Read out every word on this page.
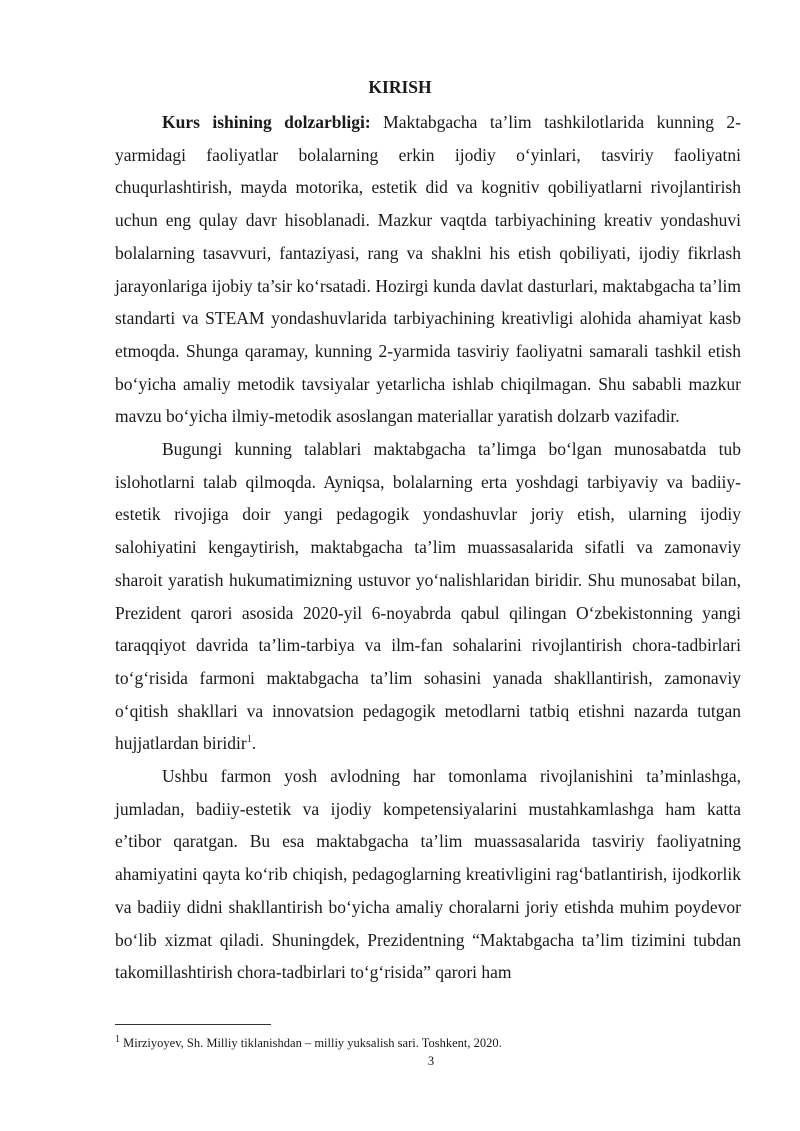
KIRISH

Kurs ishining dolzarbligi: Maktabgacha ta’lim tashkilotlarida kunning 2-yarmidagi faoliyatlar bolalarning erkin ijodiy o‘yinlari, tasviriy faoliyatni chuqurlashtirish, mayda motorika, estetik did va kognitiv qobiliyatlarni rivojlantirish uchun eng qulay davr hisoblanadi. Mazkur vaqtda tarbiyachining kreativ yondashuvi bolalarning tasavvuri, fantaziyasi, rang va shaklni his etish qobiliyati, ijodiy fikrlash jarayonlariga ijobiy ta’sir ko‘rsatadi. Hozirgi kunda davlat dasturlari, maktabgacha ta’lim standarti va STEAM yondashuvlarida tarbiyachining kreativligi alohida ahamiyat kasb etmoqda. Shunga qaramay, kunning 2-yarmida tasviriy faoliyatni samarali tashkil etish bo‘yicha amaliy metodik tavsiyalar yetarlicha ishlab chiqilmagan. Shu sababli mazkur mavzu bo‘yicha ilmiy-metodik asoslangan materiallar yaratish dolzarb vazifadir.

Bugungi kunning talablari maktabgacha ta’limga bo‘lgan munosabatda tub islohotlarni talab qilmoqda. Ayniqsa, bolalarning erta yoshdagi tarbiyaviy va badiiy-estetik rivojiga doir yangi pedagogik yondashuvlar joriy etish, ularning ijodiy salohiyatini kengaytirish, maktabgacha ta’lim muassasalarida sifatli va zamonaviy sharoit yaratish hukumatimizning ustuvor yo‘nalishlaridan biridir. Shu munosabat bilan, Prezident qarori asosida 2020-yil 6-noyabrda qabul qilingan O‘zbekistonning yangi taraqqiyot davrida ta’lim-tarbiya va ilm-fan sohalarini rivojlantirish chora-tadbirlari to‘g‘risida farmoni maktabgacha ta’lim sohasini yanada shakllantirish, zamonaviy o‘qitish shakllari va innovatsion pedagogik metodlarni tatbiq etishni nazarda tutgan hujjatlardan biridir$^1$.

Ushbu farmon yosh avlodning har tomonlama rivojlanishini ta’minlashga, jumladan, badiiy-estetik va ijodiy kompetensiyalarini mustahkamlashga ham katta e’tibor qaratgan. Bu esa maktabgacha ta’lim muassasalarida tasviriy faoliyatning ahamiyatini qayta ko‘rib chiqish, pedagoglarning kreativligini rag‘batlantirish, ijodkorlik va badiiy didni shakllantirish bo‘yicha amaliy choralarni joriy etishda muhim poydevor bo‘lib xizmat qiladi. Shuningdek, Prezidentning “Maktabgacha ta’lim tizimini tubdan takomillashtirish chora-tadbirlari to‘g‘risida” qarori ham

$^1$ Mirziyoyev, Sh. Milliy tiklanishdan – milliy yuksalish sari. Toshkent, 2020.
3
